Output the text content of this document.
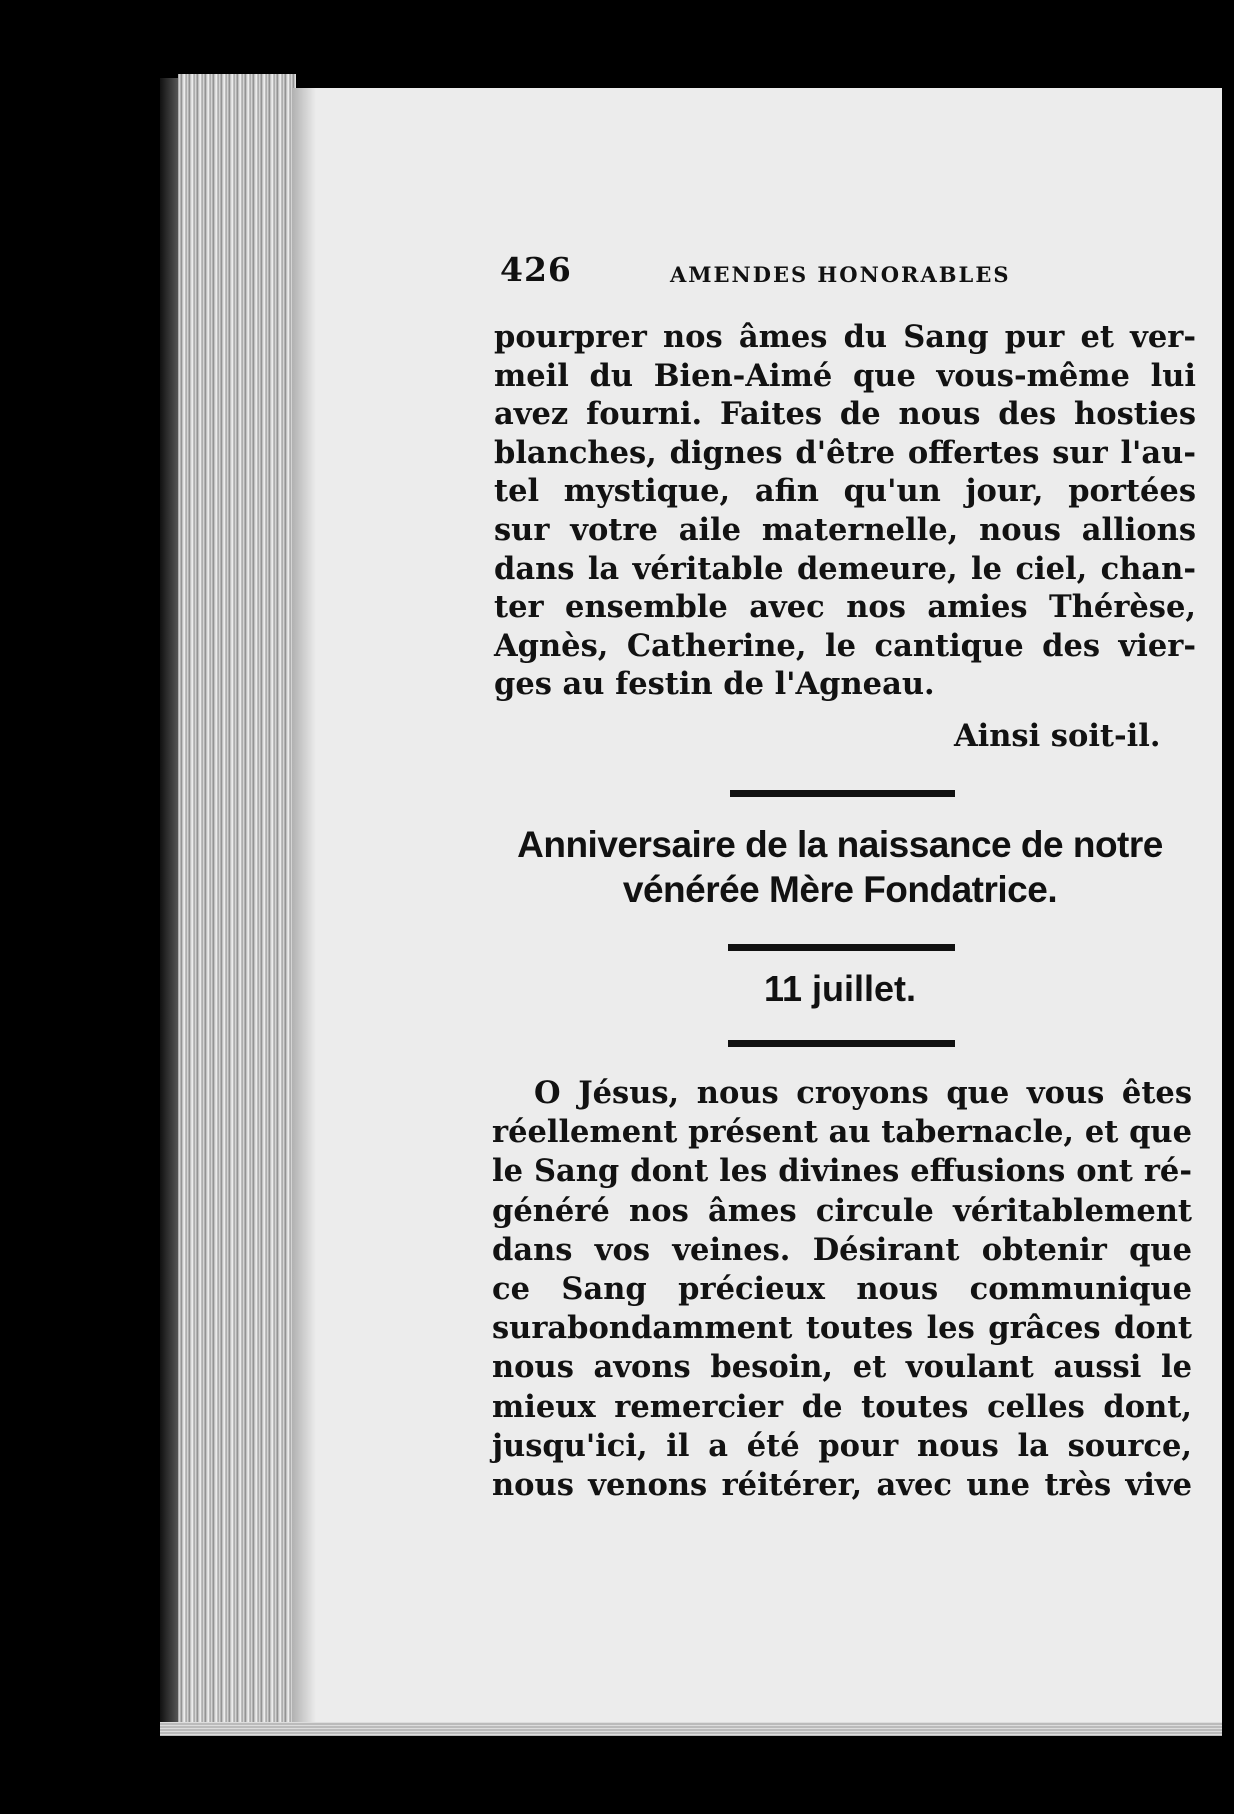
426	AMENDES HONORABLES
pourprer nos âmes du Sang pur et ver-
meil du Bien-Aimé que vous-même lui
avez fourni. Faites de nous des hosties
blanches, dignes d'être offertes sur l'au-
tel mystique, afin qu'un jour, portées
sur votre aile maternelle, nous allions
dans la véritable demeure, le ciel, chan-
ter ensemble avec nos amies Thérèse,
Agnès, Catherine, le cantique des vier-
ges au festin de l'Agneau.
Ainsi soit-il.
Anniversaire de la naissance de notre
vénérée Mère Fondatrice.
11 juillet.
O Jésus, nous croyons que vous êtes
réellement présent au tabernacle, et que
le Sang dont les divines effusions ont ré-
généré nos âmes circule véritablement
dans vos veines. Désirant obtenir que
ce Sang précieux nous communique
surabondamment toutes les grâces dont
nous avons besoin, et voulant aussi le
mieux remercier de toutes celles dont,
jusqu'ici, il a été pour nous la source,
nous venons réitérer, avec une très vive
